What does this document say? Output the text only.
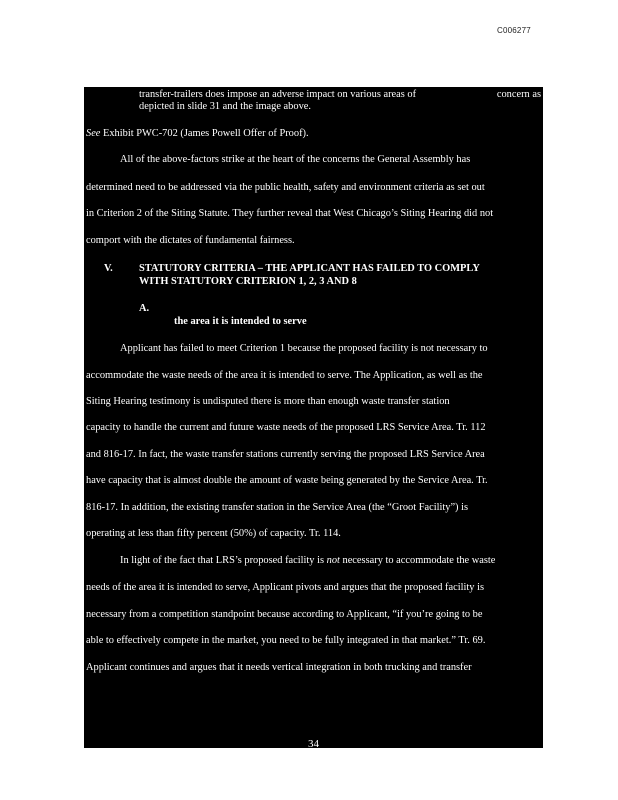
C006277
transfer-trailers does impose an adverse impact on various areas of	concern as
depicted in slide 31 and the image above.
See Exhibit PWC-702 (James Powell Offer of Proof).
All of the above-factors strike at the heart of the concerns the General Assembly has
determined need to be addressed via the public health, safety and environment criteria as set out
in Criterion 2 of the Siting Statute. They further reveal that West Chicago’s Siting Hearing did not
comport with the dictates of fundamental fairness.
V.	STATUTORY CRITERIA – THE APPLICANT HAS FAILED TO COMPLY
WITH STATUTORY CRITERION 1, 2, 3 AND 8
A.
the area it is intended to serve
Applicant has failed to meet Criterion 1 because the proposed facility is not necessary to
accommodate the waste needs of the area it is intended to serve. The Application, as well as the
Siting Hearing testimony is undisputed there is more than enough waste transfer station
capacity to handle the current and future waste needs of the proposed LRS Service Area. Tr. 112
and 816-17. In fact, the waste transfer stations currently serving the proposed LRS Service Area
have capacity that is almost double the amount of waste being generated by the Service Area. Tr.
816-17. In addition, the existing transfer station in the Service Area (the “Groot Facility”) is
operating at less than fifty percent (50%) of capacity. Tr. 114.
In light of the fact that LRS’s proposed facility is not necessary to accommodate the waste
needs of the area it is intended to serve, Applicant pivots and argues that the proposed facility is
necessary from a competition standpoint because according to Applicant, “if you’re going to be
able to effectively compete in the market, you need to be fully integrated in that market.” Tr. 69.
Applicant continues and argues that it needs vertical integration in both trucking and transfer
34
